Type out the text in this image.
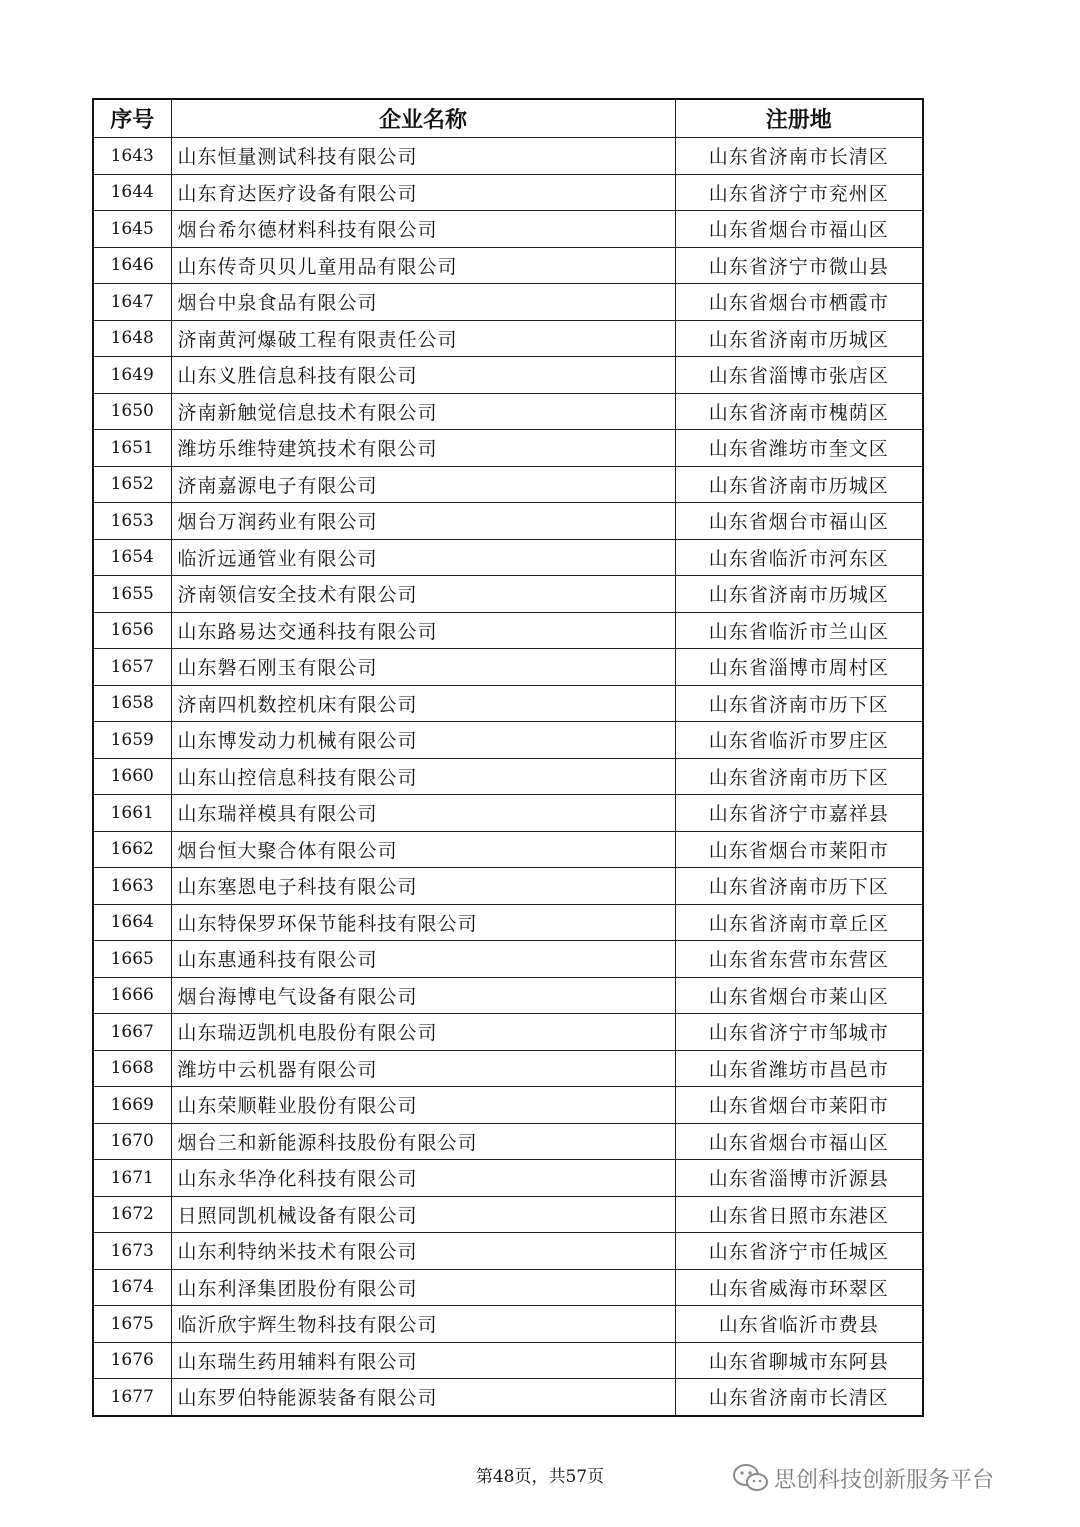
序号	企业名称	注册地
1643	山东恒量测试科技有限公司	山东省济南市长清区
1644	山东育达医疗设备有限公司	山东省济宁市兖州区
1645	烟台希尔德材料科技有限公司	山东省烟台市福山区
1646	山东传奇贝贝儿童用品有限公司	山东省济宁市微山县
1647	烟台中泉食品有限公司	山东省烟台市栖霞市
1648	济南黄河爆破工程有限责任公司	山东省济南市历城区
1649	山东义胜信息科技有限公司	山东省淄博市张店区
1650	济南新触觉信息技术有限公司	山东省济南市槐荫区
1651	潍坊乐维特建筑技术有限公司	山东省潍坊市奎文区
1652	济南嘉源电子有限公司	山东省济南市历城区
1653	烟台万润药业有限公司	山东省烟台市福山区
1654	临沂远通管业有限公司	山东省临沂市河东区
1655	济南领信安全技术有限公司	山东省济南市历城区
1656	山东路易达交通科技有限公司	山东省临沂市兰山区
1657	山东磐石刚玉有限公司	山东省淄博市周村区
1658	济南四机数控机床有限公司	山东省济南市历下区
1659	山东博发动力机械有限公司	山东省临沂市罗庄区
1660	山东山控信息科技有限公司	山东省济南市历下区
1661	山东瑞祥模具有限公司	山东省济宁市嘉祥县
1662	烟台恒大聚合体有限公司	山东省烟台市莱阳市
1663	山东塞恩电子科技有限公司	山东省济南市历下区
1664	山东特保罗环保节能科技有限公司	山东省济南市章丘区
1665	山东惠通科技有限公司	山东省东营市东营区
1666	烟台海博电气设备有限公司	山东省烟台市莱山区
1667	山东瑞迈凯机电股份有限公司	山东省济宁市邹城市
1668	潍坊中云机器有限公司	山东省潍坊市昌邑市
1669	山东荣顺鞋业股份有限公司	山东省烟台市莱阳市
1670	烟台三和新能源科技股份有限公司	山东省烟台市福山区
1671	山东永华净化科技有限公司	山东省淄博市沂源县
1672	日照同凯机械设备有限公司	山东省日照市东港区
1673	山东利特纳米技术有限公司	山东省济宁市任城区
1674	山东利泽集团股份有限公司	山东省威海市环翠区
1675	临沂欣宇辉生物科技有限公司	山东省临沂市费县
1676	山东瑞生药用辅料有限公司	山东省聊城市东阿县
1677	山东罗伯特能源装备有限公司	山东省济南市长清区
第48页，共57页	思创科技创新服务平台
